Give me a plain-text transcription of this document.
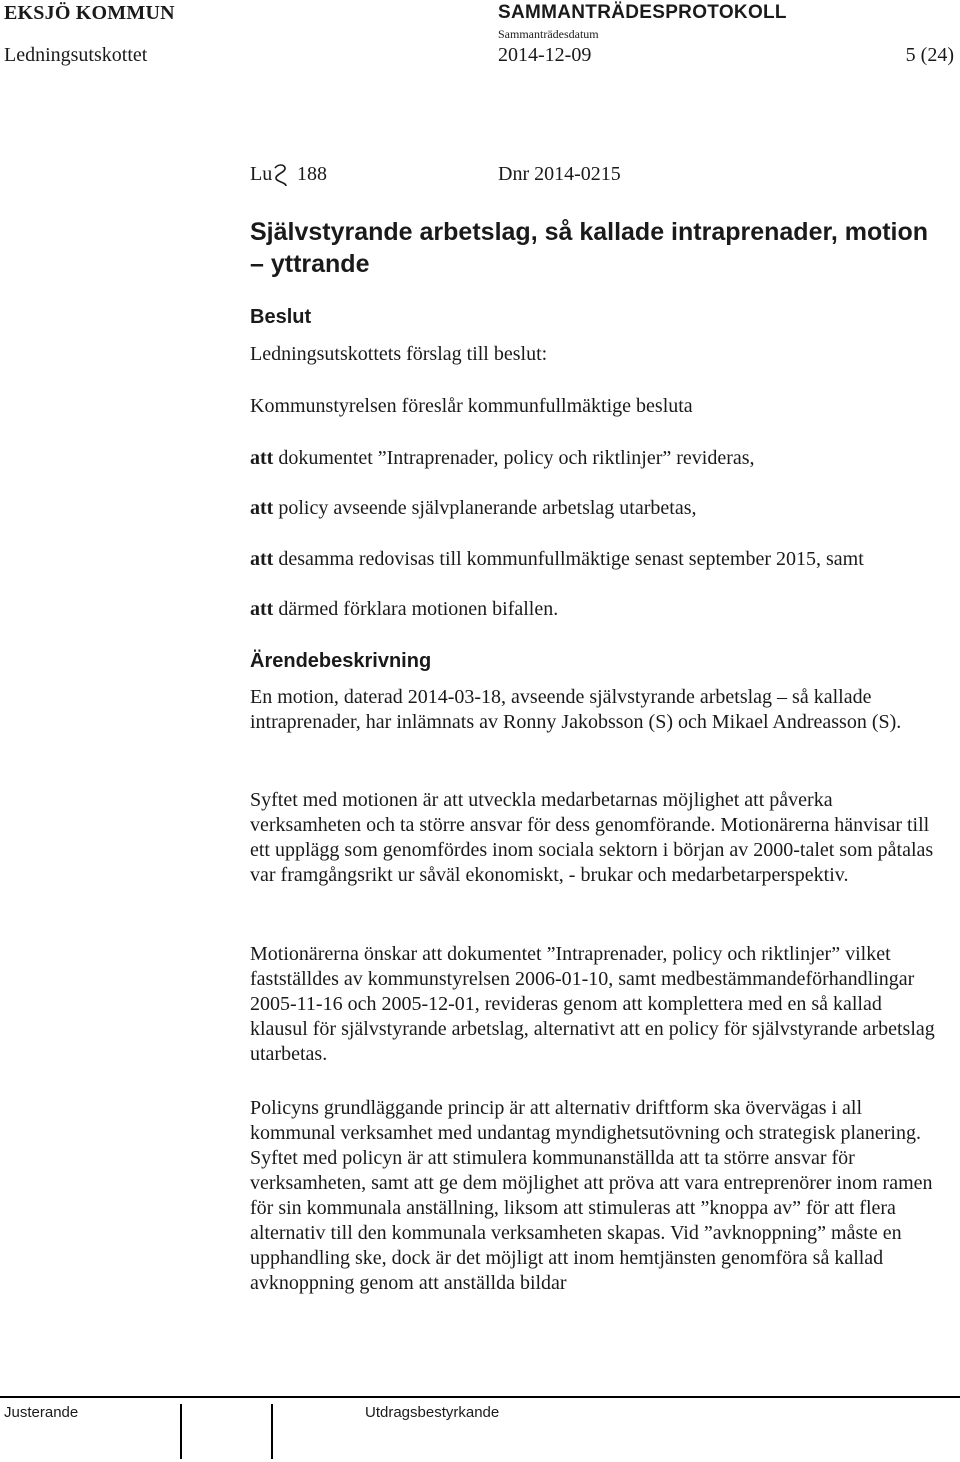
EKSJÖ KOMMUN	SAMMANTRÄDESPROTOKOLL
Sammanträdesdatum
Ledningsutskottet	2014-12-09	5 (24)
Lu 188	Dnr 2014-0215
Självstyrande arbetslag, så kallade intraprenader, motion – yttrande
Beslut
Ledningsutskottets förslag till beslut:
Kommunstyrelsen föreslår kommunfullmäktige besluta
att dokumentet ”Intraprenader, policy och riktlinjer” revideras,
att policy avseende självplanerande arbetslag utarbetas,
att desamma redovisas till kommunfullmäktige senast september 2015, samt
att därmed förklara motionen bifallen.
Ärendebeskrivning
En motion, daterad 2014-03-18, avseende självstyrande arbetslag – så kallade intraprenader, har inlämnats av Ronny Jakobsson (S) och Mikael Andreasson (S).
Syftet med motionen är att utveckla medarbetarnas möjlighet att påverka verksamheten och ta större ansvar för dess genomförande. Motionärerna hänvisar till ett upplägg som genomfördes inom sociala sektorn i början av 2000-talet som påtalas var framgångsrikt ur såväl ekonomiskt, - brukar och medarbetarperspektiv.
Motionärerna önskar att dokumentet ”Intraprenader, policy och riktlinjer” vilket fastställdes av kommunstyrelsen 2006-01-10, samt medbestämmandeförhandlingar 2005-11-16 och 2005-12-01, revideras genom att komplettera med en så kallad klausul för självstyrande arbetslag, alternativt att en policy för självstyrande arbetslag utarbetas.
Policyns grundläggande princip är att alternativ driftform ska övervägas i all kommunal verksamhet med undantag myndighetsutövning och strategisk planering. Syftet med policyn är att stimulera kommunanställda att ta större ansvar för verksamheten, samt att ge dem möjlighet att pröva att vara entreprenörer inom ramen för sin kommunala anställning, liksom att stimuleras att ”knoppa av” för att flera alternativ till den kommunala verksamheten skapas. Vid ”avknoppning” måste en upphandling ske, dock är det möjligt att inom hemtjänsten genomföra så kallad avknoppning genom att anställda bildar
Justerande	Utdragsbestyrkande
